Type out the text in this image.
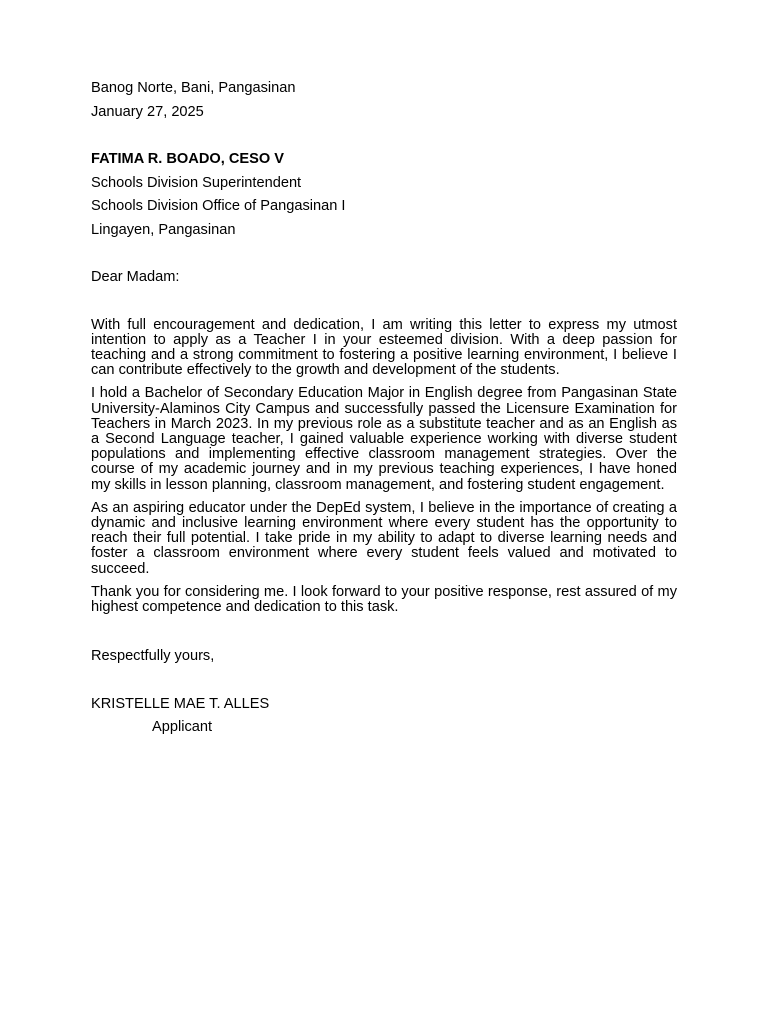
Banog Norte, Bani, Pangasinan
January 27, 2025
FATIMA R. BOADO, CESO V
Schools Division Superintendent
Schools Division Office of Pangasinan I
Lingayen, Pangasinan
Dear Madam:

With full encouragement and dedication, I am writing this letter to express my utmost intention to apply as a Teacher I in your esteemed division. With a deep passion for teaching and a strong commitment to fostering a positive learning environment, I believe I can contribute effectively to the growth and development of the students.

I hold a Bachelor of Secondary Education Major in English degree from Pangasinan State University-Alaminos City Campus and successfully passed the Licensure Examination for Teachers in March 2023. In my previous role as a substitute teacher and as an English as a Second Language teacher, I gained valuable experience working with diverse student populations and implementing effective classroom management strategies. Over the course of my academic journey and in my previous teaching experiences, I have honed my skills in lesson planning, classroom management, and fostering student engagement.

As an aspiring educator under the DepEd system, I believe in the importance of creating a dynamic and inclusive learning environment where every student has the opportunity to reach their full potential. I take pride in my ability to adapt to diverse learning needs and foster a classroom environment where every student feels valued and motivated to succeed.

Thank you for considering me. I look forward to your positive response, rest assured of my highest competence and dedication to this task.

Respectfully yours,
KRISTELLE MAE T. ALLES
Applicant
